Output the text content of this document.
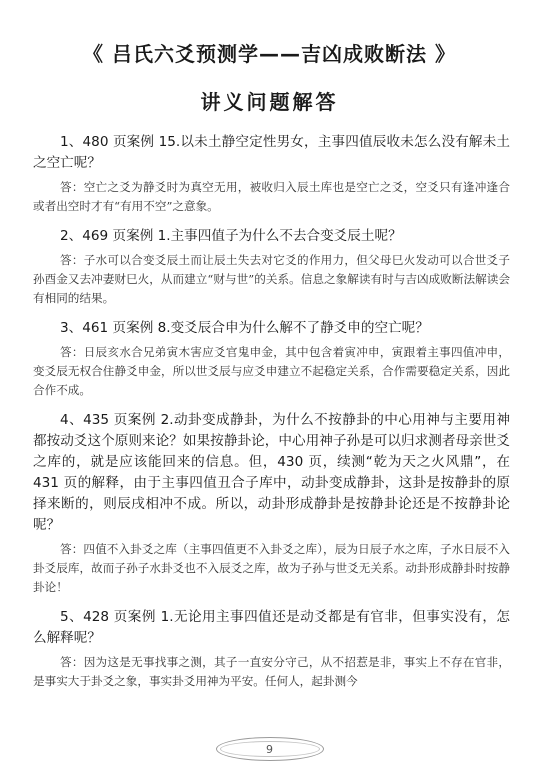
《 吕氏六爻预测学——吉凶成败断法 》
讲义问题解答

1、480 页案例 15.以未土静空定性男女，主事四值辰收未怎么没有解未土之空亡呢？

答：空亡之爻为静爻时为真空无用，被收归入辰土库也是空亡之爻，空爻只有逢冲逢合或者出空时才有“有用不空”之意象。

2、469 页案例 1.主事四值子为什么不去合变爻辰土呢？

答：子水可以合变爻辰土而让辰土失去对它爻的作用力，但父母巳火发动可以合世爻子孙酉金又去冲妻财巳火，从而建立“财与世”的关系。信息之象解读有时与吉凶成败断法解读会有相同的结果。

3、461 页案例 8.变爻辰合申为什么解不了静爻申的空亡呢？

答：日辰亥水合兄弟寅木害应爻官鬼申金，其中包含着寅冲申，寅跟着主事四值冲申，变爻辰无权合住静爻申金，所以世爻辰与应爻申建立不起稳定关系，合作需要稳定关系，因此合作不成。

4、435 页案例 2.动卦变成静卦，为什么不按静卦的中心用神与主要用神都按动爻这个原则来论？如果按静卦论，中心用神子孙是可以归求测者母亲世爻之库的，就是应该能回来的信息。但，430 页，续测“乾为天之火风鼎”，在 431 页的解释，由于主事四值丑合子库中，动卦变成静卦，这卦是按静卦的原择来断的，则辰戌相冲不成。所以，动卦形成静卦是按静卦论还是不按静卦论呢？

答：四值不入卦爻之库（主事四值更不入卦爻之库），辰为日辰子水之库，子水日辰不入卦爻辰库，故而子孙子水卦爻也不入辰爻之库，故为子孙与世爻无关系。动卦形成静卦时按静卦论！

5、428 页案例 1.无论用主事四值还是动爻都是有官非，但事实没有，怎么解释呢？

答：因为这是无事找事之测，其子一直安分守己，从不招惹是非，事实上不存在官非，是事实大于卦爻之象，事实卦爻用神为平安。任何人，起卦测今

9
